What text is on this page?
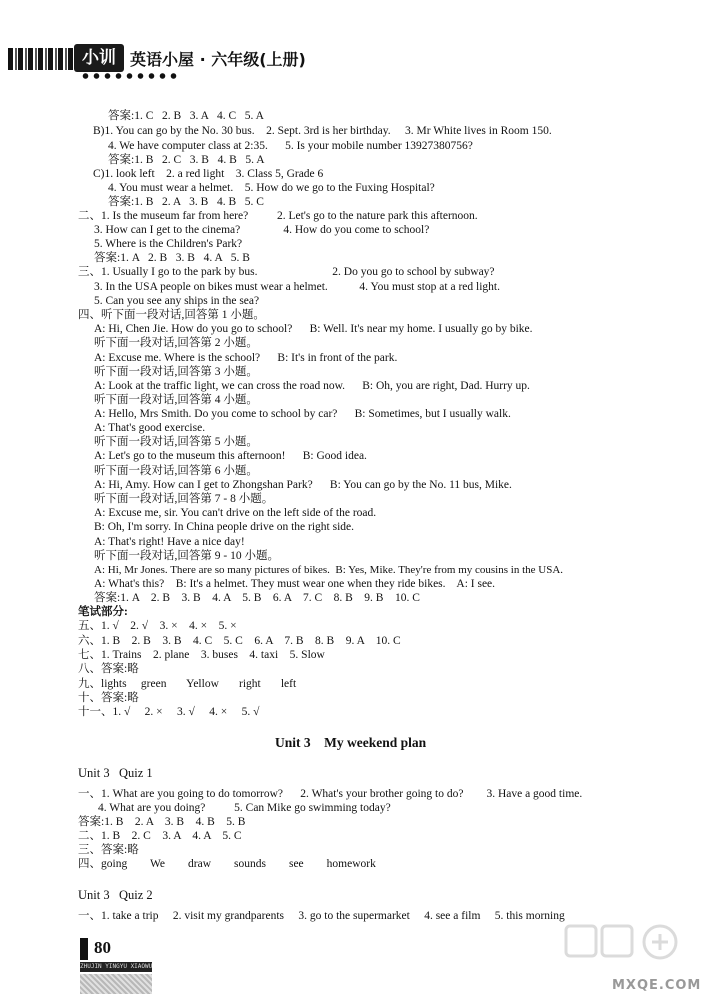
小训 英语小屋 · 六年级(上册)
答案:1. C   2. B   3. A   4. C   5. A
B)1. You can go by the No. 30 bus.    2. Sept. 3rd is her birthday.     3. Mr White lives in Room 150.
4. We have computer class at 2:35.      5. Is your mobile number 13927380756?
答案:1. B   2. C   3. B   4. B   5. A
C)1. look left    2. a red light    3. Class 5, Grade 6
4. You must wear a helmet.    5. How do we go to the Fuxing Hospital?
答案:1. B   2. A   3. B   4. B   5. C
二、1. Is the museum far from here?          2. Let's go to the nature park this afternoon.
3. How can I get to the cinema?               4. How do you come to school?
5. Where is the Children's Park?
答案:1. A   2. B   3. B   4. A   5. B
三、1. Usually I go to the park by bus.                          2. Do you go to school by subway?
3. In the USA people on bikes must wear a helmet.           4. You must stop at a red light.
5. Can you see any ships in the sea?
四、听下面一段对话,回答第 1 小题。
A: Hi, Chen Jie. How do you go to school?      B: Well. It's near my home. I usually go by bike.
听下面一段对话,回答第 2 小题。
A: Excuse me. Where is the school?      B: It's in front of the park.
听下面一段对话,回答第 3 小题。
A: Look at the traffic light, we can cross the road now.      B: Oh, you are right, Dad. Hurry up.
听下面一段对话,回答第 4 小题。
A: Hello, Mrs Smith. Do you come to school by car?      B: Sometimes, but I usually walk.
A: That's good exercise.
听下面一段对话,回答第 5 小题。
A: Let's go to the museum this afternoon!      B: Good idea.
听下面一段对话,回答第 6 小题。
A: Hi, Amy. How can I get to Zhongshan Park?      B: You can go by the No. 11 bus, Mike.
听下面一段对话,回答第 7 - 8 小题。
A: Excuse me, sir. You can't drive on the left side of the road.
B: Oh, I'm sorry. In China people drive on the right side.
A: That's right! Have a nice day!
听下面一段对话,回答第 9 - 10 小题。
A: Hi, Mr Jones. There are so many pictures of bikes.  B: Yes, Mike. They're from my cousins in the USA.
A: What's this?    B: It's a helmet. They must wear one when they ride bikes.    A: I see.
答案:1. A    2. B    3. B    4. A    5. B    6. A    7. C    8. B    9. B    10. C
笔试部分:
五、1. √    2. √    3. ×    4. ×    5. ×
六、1. B    2. B    3. B    4. C    5. C    6. A    7. B    8. B    9. A    10. C
七、1. Trains    2. plane    3. buses    4. taxi    5. Slow
八、答案:略
九、lights     green       Yellow       right       left
十、答案:略
十一、1. √     2. ×     3. √     4. ×     5. √
Unit 3    My weekend plan
Unit 3   Quiz 1
一、1. What are you going to do tomorrow?      2. What's your brother going to do?        3. Have a good time.
4. What are you doing?          5. Can Mike go swimming today?
答案:1. B    2. A    3. B    4. B    5. B
二、1. B    2. C    3. A    4. A    5. C
三、答案:略
四、going        We        draw        sounds        see        homework
Unit 3   Quiz 2
一、1. take a trip     2. visit my grandparents     3. go to the supermarket     4. see a film     5. this morning
80
ZHUJIN YINGYU XIAOWU
MXQE.COM
